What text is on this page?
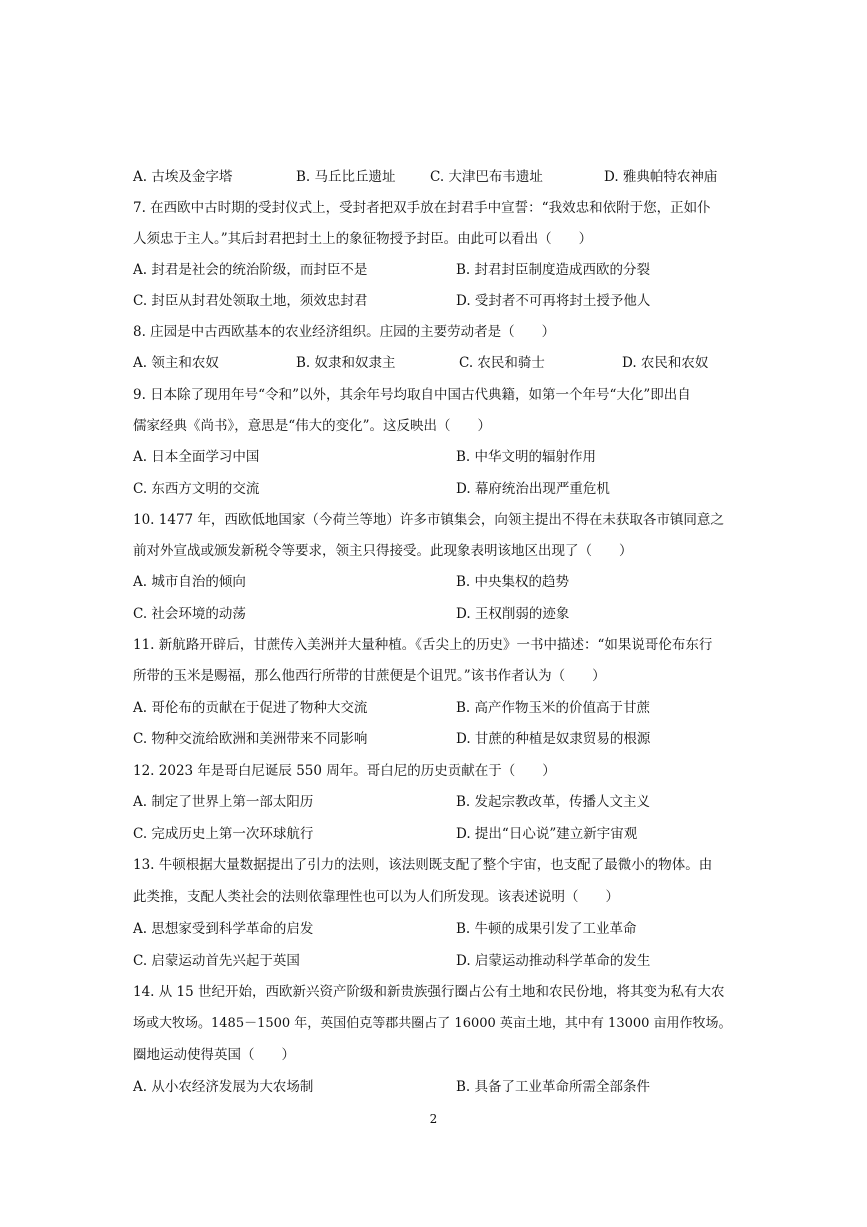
A. 古埃及金字塔	B. 马丘比丘遗址	C. 大津巴布韦遗址	D. 雅典帕特农神庙
7. 在西欧中古时期的受封仪式上，受封者把双手放在封君手中宣誓：“我效忠和依附于您，正如仆
人须忠于主人。”其后封君把封土上的象征物授予封臣。由此可以看出（　　）
A. 封君是社会的统治阶级，而封臣不是	B. 封君封臣制度造成西欧的分裂
C. 封臣从封君处领取土地，须效忠封君	D. 受封者不可再将封土授予他人
8. 庄园是中古西欧基本的农业经济组织。庄园的主要劳动者是（　　）
A. 领主和农奴	B. 奴隶和奴隶主	C. 农民和骑士	D. 农民和农奴
9. 日本除了现用年号“令和”以外，其余年号均取自中国古代典籍，如第一个年号“大化”即出自
儒家经典《尚书》，意思是“伟大的变化”。这反映出（　　）
A. 日本全面学习中国	B. 中华文明的辐射作用
C. 东西方文明的交流	D. 幕府统治出现严重危机
10. 1477 年，西欧低地国家（今荷兰等地）许多市镇集会，向领主提出不得在未获取各市镇同意之
前对外宣战或颁发新税令等要求，领主只得接受。此现象表明该地区出现了（　　）
A. 城市自治的倾向	B. 中央集权的趋势
C. 社会环境的动荡	D. 王权削弱的迹象
11. 新航路开辟后，甘蔗传入美洲并大量种植。《舌尖上的历史》一书中描述：“如果说哥伦布东行
所带的玉米是赐福，那么他西行所带的甘蔗便是个诅咒。”该书作者认为（　　）
A. 哥伦布的贡献在于促进了物种大交流	B. 高产作物玉米的价值高于甘蔗
C. 物种交流给欧洲和美洲带来不同影响	D. 甘蔗的种植是奴隶贸易的根源
12. 2023 年是哥白尼诞辰 550 周年。哥白尼的历史贡献在于（　　）
A. 制定了世界上第一部太阳历	B. 发起宗教改革，传播人文主义
C. 完成历史上第一次环球航行	D. 提出“日心说”建立新宇宙观
13. 牛顿根据大量数据提出了引力的法则，该法则既支配了整个宇宙，也支配了最微小的物体。由
此类推，支配人类社会的法则依靠理性也可以为人们所发现。该表述说明（　　）
A. 思想家受到科学革命的启发	B. 牛顿的成果引发了工业革命
C. 启蒙运动首先兴起于英国	D. 启蒙运动推动科学革命的发生
14. 从 15 世纪开始，西欧新兴资产阶级和新贵族强行圈占公有土地和农民份地，将其变为私有大农
场或大牧场。1485－1500 年，英国伯克等郡共圈占了 16000 英亩土地，其中有 13000 亩用作牧场。
圈地运动使得英国（　　）
A. 从小农经济发展为大农场制	B. 具备了工业革命所需全部条件
2
